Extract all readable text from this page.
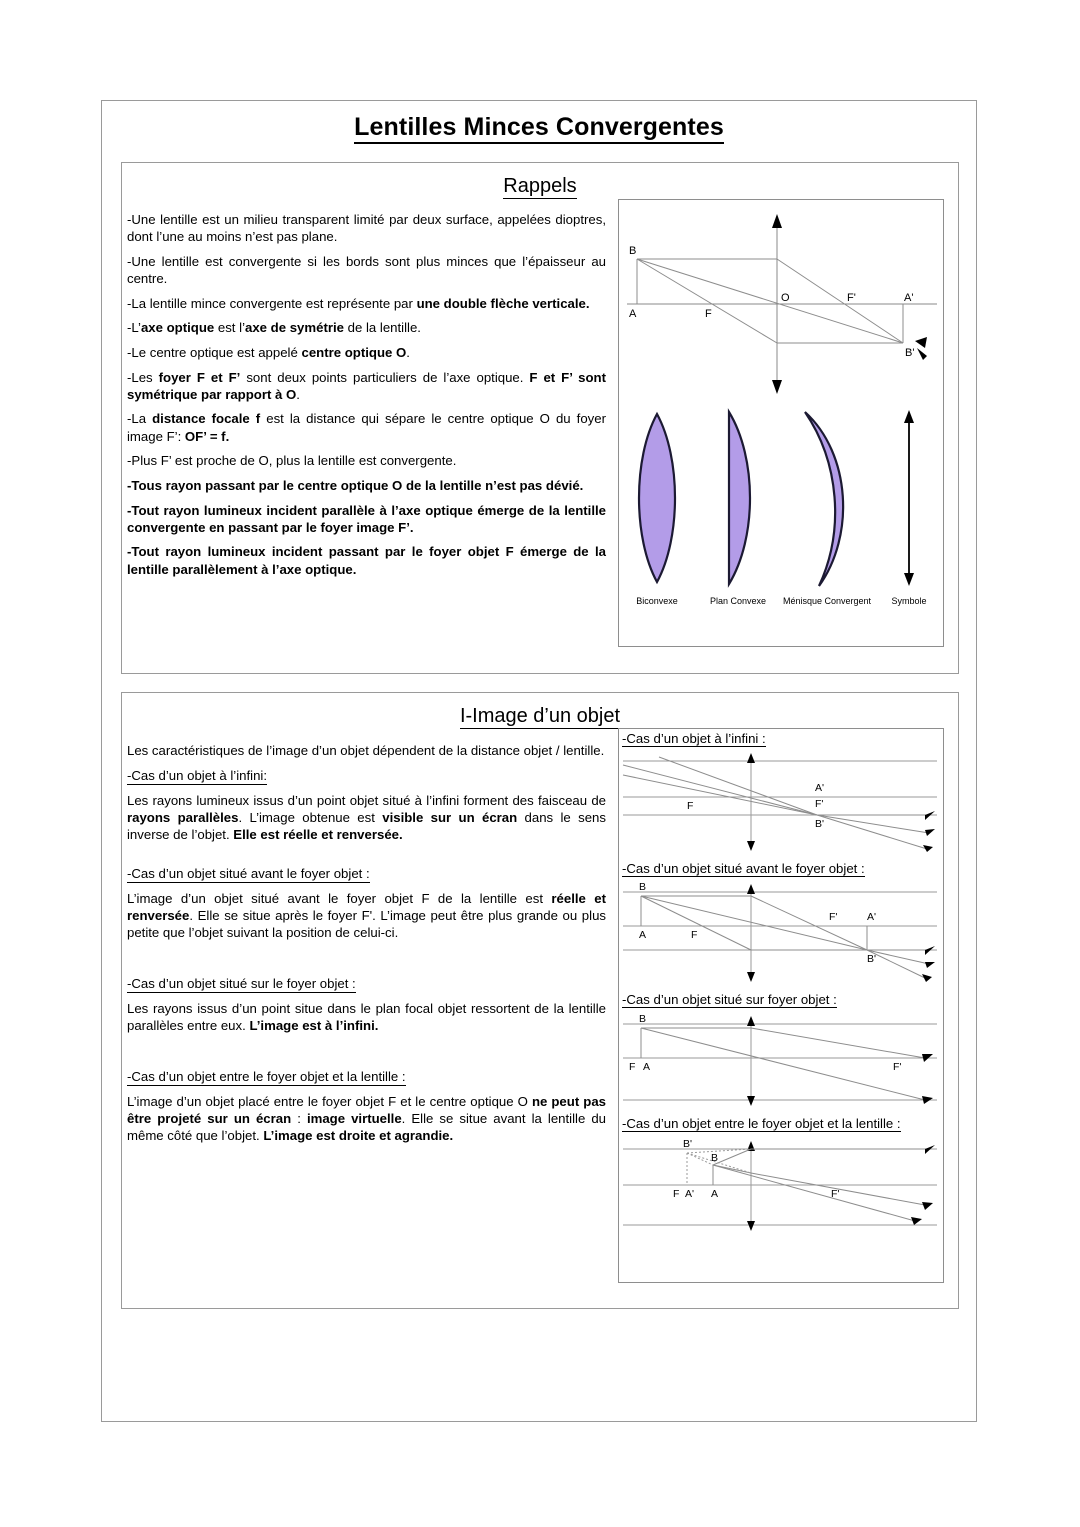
Lentilles Minces Convergentes
Rappels

-Une lentille est un milieu transparent limité par deux surface, appelées dioptres, dont l’une au moins n’est pas plane.

-Une lentille est convergente si les bords sont plus minces que l’épaisseur au centre.

-La lentille mince convergente est représente par une double flèche verticale.

-L’axe optique est l’axe de symétrie de la lentille.

-Le centre optique est appelé centre optique O.

-Les foyer F et F’ sont deux points particuliers de l’axe optique. F et F’ sont symétrique par rapport à O.

-La distance focale f est la distance qui sépare le centre optique O du foyer image F’: OF’ = f.

-Plus F’ est proche de O, plus la lentille est convergente.

-Tous rayon passant par le centre optique O de la lentille n’est pas dévié.

-Tout rayon lumineux incident parallèle à l’axe optique émerge de la lentille convergente en passant par le foyer image F’.

-Tout rayon lumineux incident passant par le foyer objet F émerge de la lentille parallèlement à l’axe optique.

B
A	F
O	F'	A'
B'
Biconvexe	Plan Convexe Ménisque Convergent Symbole
I-Image d’un objet

Les caractéristiques de l’image d’un objet dépendent de la distance objet / lentille.

-Cas d’un objet à l’infini:

Les rayons lumineux issus d’un point objet situé à l’infini forment des faisceau de rayons parallèles. L’image obtenue est visible sur un écran dans le sens inverse de l’objet. Elle est réelle et renversée.

-Cas d’un objet situé avant le foyer objet :

L’image d’un objet situé avant le foyer objet F de la lentille est réelle et renversée. Elle se situe après le foyer F'. L’image peut être plus grande ou plus petite que l’objet suivant la position de celui-ci.

-Cas d’un objet situé sur le foyer objet :

Les rayons issus d’un point situe dans le plan focal objet ressortent de la lentille parallèles entre eux. L’image est à l’infini.

-Cas d’un objet entre le foyer objet et la lentille :

L’image d’un objet placé entre le foyer objet F et le centre optique O ne peut pas être projeté sur un écran : image virtuelle. Elle se situe avant la lentille du même côté que l’objet. L’image est droite et agrandie.

-Cas d’un objet à l’infini :
F
A'
F'
B'
-Cas d’un objet situé avant le foyer objet :
B
A	F
F'	A'
B'
-Cas d’un objet situé sur foyer objet :
B
F A	F'
-Cas d’un objet entre le foyer objet et la lentille :
B'
B
F A' A	F'
